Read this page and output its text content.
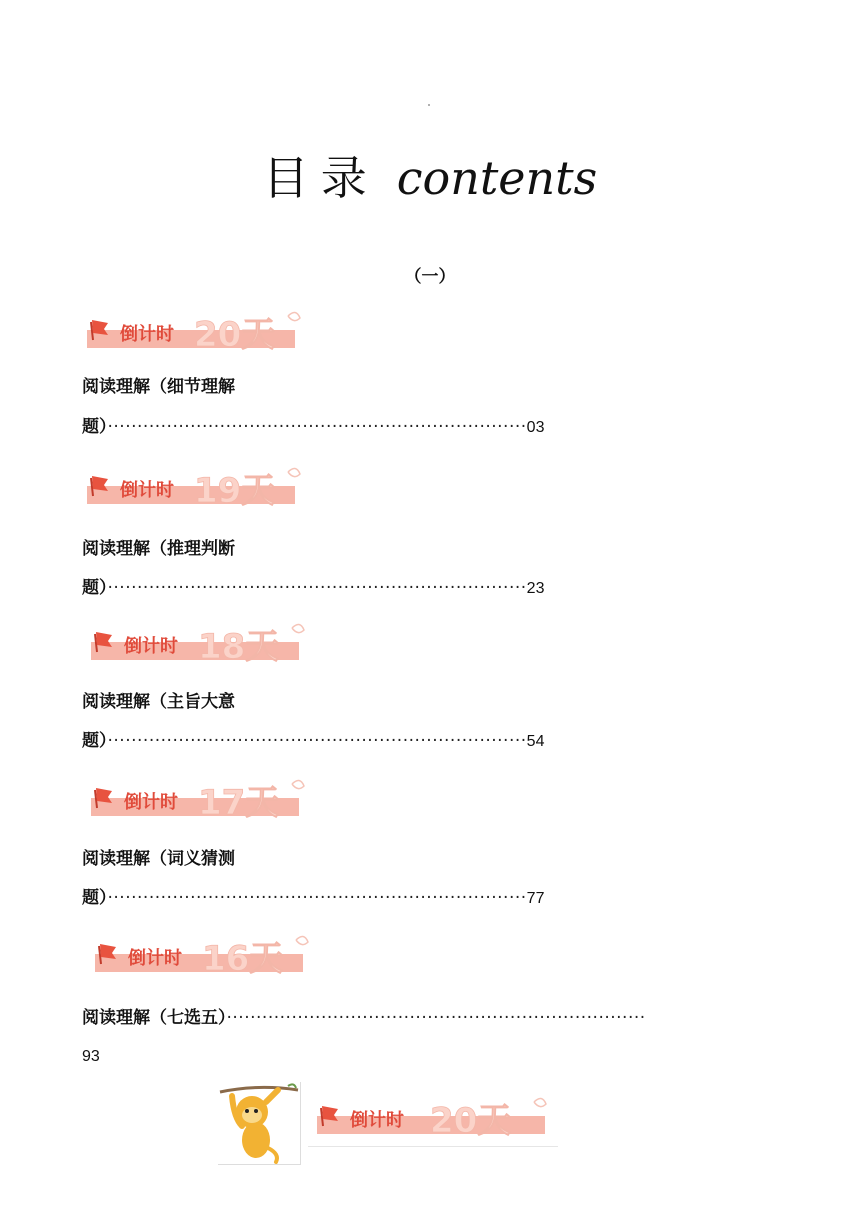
目录 contents
（一）
倒计时 20天
阅读理解（细节理解
题）·······································································03
倒计时 19天
阅读理解（推理判断
题）·······································································23
倒计时 18天
阅读理解（主旨大意
题）·······································································54
倒计时 17天
阅读理解（词义猜测
题）·······································································77
倒计时 16天
阅读理解（七选五）·······································································
93
倒计时 20天
